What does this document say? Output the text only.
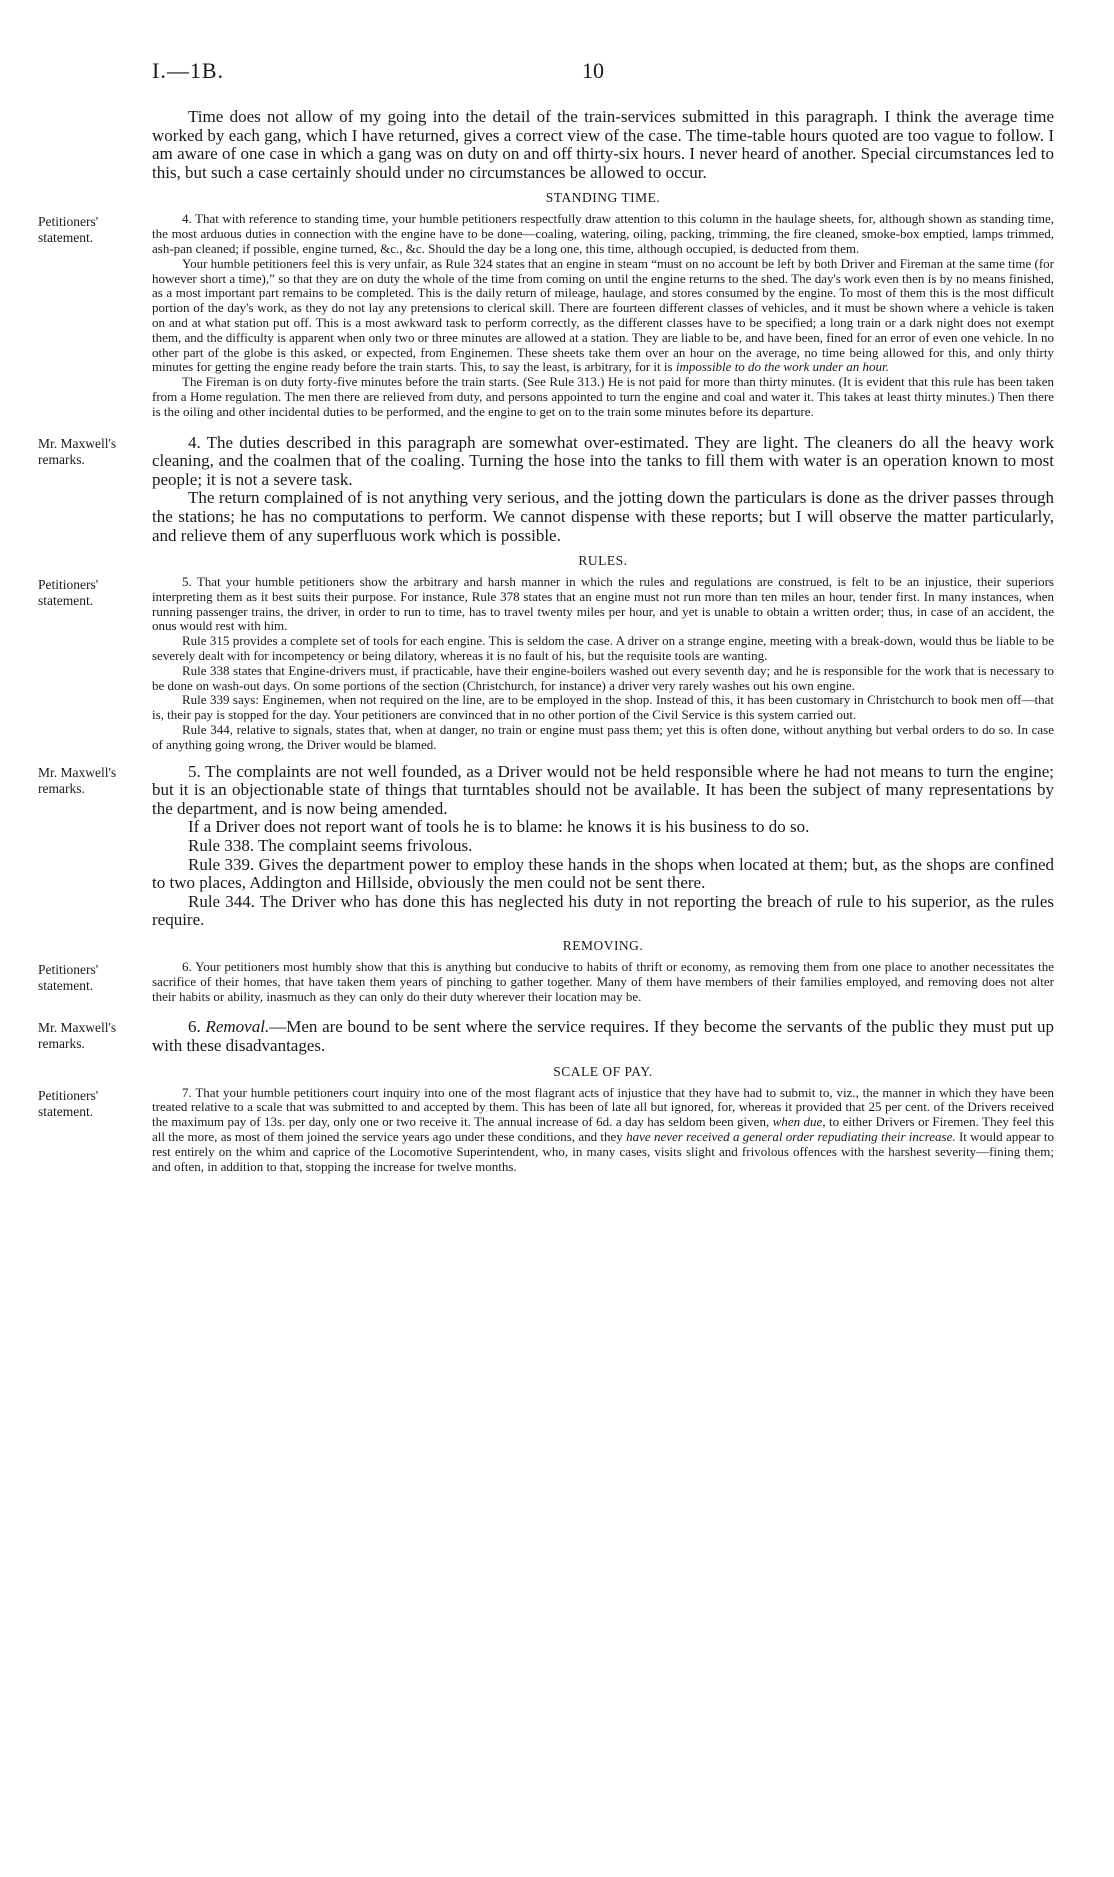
I.—1B.	10

Time does not allow of my going into the detail of the train-services submitted in this paragraph. I think the average time worked by each gang, which I have returned, gives a correct view of the case. The time-table hours quoted are too vague to follow. I am aware of one case in which a gang was on duty on and off thirty-six hours. I never heard of another. Special circumstances led to this, but such a case certainly should under no circumstances be allowed to occur.

STANDING TIME.
Petitioners' statement.

4. That with reference to standing time, your humble petitioners respectfully draw attention to this column in the haulage sheets, for, although shown as standing time, the most arduous duties in connection with the engine have to be done—coaling, watering, oiling, packing, trimming, the fire cleaned, smoke-box emptied, lamps trimmed, ash-pan cleaned; if possible, engine turned, &c., &c. Should the day be a long one, this time, although occupied, is deducted from them.

Your humble petitioners feel this is very unfair, as Rule 324 states that an engine in steam “must on no account be left by both Driver and Fireman at the same time (for however short a time),” so that they are on duty the whole of the time from coming on until the engine returns to the shed. The day's work even then is by no means finished, as a most important part remains to be completed. This is the daily return of mileage, haulage, and stores consumed by the engine. To most of them this is the most difficult portion of the day's work, as they do not lay any pretensions to clerical skill. There are fourteen different classes of vehicles, and it must be shown where a vehicle is taken on and at what station put off. This is a most awkward task to perform correctly, as the different classes have to be specified; a long train or a dark night does not exempt them, and the difficulty is apparent when only two or three minutes are allowed at a station. They are liable to be, and have been, fined for an error of even one vehicle. In no other part of the globe is this asked, or expected, from Enginemen. These sheets take them over an hour on the average, no time being allowed for this, and only thirty minutes for getting the engine ready before the train starts. This, to say the least, is arbitrary, for it is impossible to do the work under an hour.

The Fireman is on duty forty-five minutes before the train starts. (See Rule 313.) He is not paid for more than thirty minutes. (It is evident that this rule has been taken from a Home regulation. The men there are relieved from duty, and persons appointed to turn the engine and coal and water it. This takes at least thirty minutes.) Then there is the oiling and other incidental duties to be performed, and the engine to get on to the train some minutes before its departure.

Mr. Maxwell's remarks.

4. The duties described in this paragraph are somewhat over-estimated. They are light. The cleaners do all the heavy work cleaning, and the coalmen that of the coaling. Turning the hose into the tanks to fill them with water is an operation known to most people; it is not a severe task.

The return complained of is not anything very serious, and the jotting down the particulars is done as the driver passes through the stations; he has no computations to perform. We cannot dispense with these reports; but I will observe the matter particularly, and relieve them of any superfluous work which is possible.

RULES.
Petitioners' statement.

5. That your humble petitioners show the arbitrary and harsh manner in which the rules and regulations are construed, is felt to be an injustice, their superiors interpreting them as it best suits their purpose. For instance, Rule 378 states that an engine must not run more than ten miles an hour, tender first. In many instances, when running passenger trains, the driver, in order to run to time, has to travel twenty miles per hour, and yet is unable to obtain a written order; thus, in case of an accident, the onus would rest with him.

Rule 315 provides a complete set of tools for each engine. This is seldom the case. A driver on a strange engine, meeting with a break-down, would thus be liable to be severely dealt with for incompetency or being dilatory, whereas it is no fault of his, but the requisite tools are wanting.

Rule 338 states that Engine-drivers must, if practicable, have their engine-boilers washed out every seventh day; and he is responsible for the work that is necessary to be done on wash-out days. On some portions of the section (Christchurch, for instance) a driver very rarely washes out his own engine.

Rule 339 says: Enginemen, when not required on the line, are to be employed in the shop. Instead of this, it has been customary in Christchurch to book men off—that is, their pay is stopped for the day. Your petitioners are convinced that in no other portion of the Civil Service is this system carried out.

Rule 344, relative to signals, states that, when at danger, no train or engine must pass them; yet this is often done, without anything but verbal orders to do so. In case of anything going wrong, the Driver would be blamed.

Mr. Maxwell's remarks.

5. The complaints are not well founded, as a Driver would not be held responsible where he had not means to turn the engine; but it is an objectionable state of things that turntables should not be available. It has been the subject of many representations by the department, and is now being amended.

If a Driver does not report want of tools he is to blame: he knows it is his business to do so.

Rule 338. The complaint seems frivolous.

Rule 339. Gives the department power to employ these hands in the shops when located at them; but, as the shops are confined to two places, Addington and Hillside, obviously the men could not be sent there.

Rule 344. The Driver who has done this has neglected his duty in not reporting the breach of rule to his superior, as the rules require.

REMOVING.
Petitioners' statement.

6. Your petitioners most humbly show that this is anything but conducive to habits of thrift or economy, as removing them from one place to another necessitates the sacrifice of their homes, that have taken them years of pinching to gather together. Many of them have members of their families employed, and removing does not alter their habits or ability, inasmuch as they can only do their duty wherever their location may be.

Mr. Maxwell's remarks.

6. Removal.—Men are bound to be sent where the service requires. If they become the servants of the public they must put up with these disadvantages.

SCALE OF PAY.
Petitioners' statement.

7. That your humble petitioners court inquiry into one of the most flagrant acts of injustice that they have had to submit to, viz., the manner in which they have been treated relative to a scale that was submitted to and accepted by them. This has been of late all but ignored, for, whereas it provided that 25 per cent. of the Drivers received the maximum pay of 13s. per day, only one or two receive it. The annual increase of 6d. a day has seldom been given, when due, to either Drivers or Firemen. They feel this all the more, as most of them joined the service years ago under these conditions, and they have never received a general order repudiating their increase. It would appear to rest entirely on the whim and caprice of the Locomotive Superintendent, who, in many cases, visits slight and frivolous offences with the harshest severity—fining them; and often, in addition to that, stopping the increase for twelve months.
